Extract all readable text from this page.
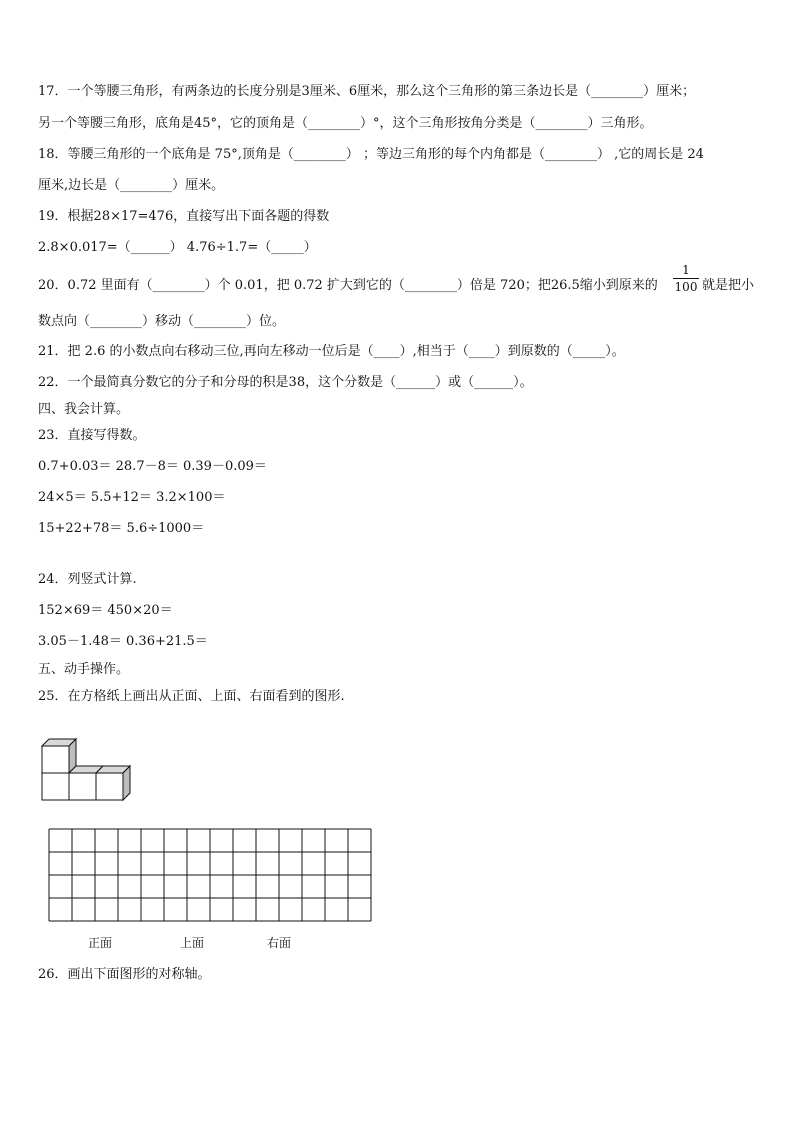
17．一个等腰三角形，有两条边的长度分别是3厘米、6厘米，那么这个三角形的第三条边长是（________）厘米；
另一个等腰三角形，底角是45°，它的顶角是（________）°，这个三角形按角分类是（________）三角形。
18．等腰三角形的一个底角是 75°,顶角是（________） ；等边三角形的每个内角都是（________） ,它的周长是 24
厘米,边长是（________）厘米。
19．根据28×17=476，直接写出下面各题的得数
2.8×0.017=（______） 4.76÷1.7=（_____）
20．0.72 里面有（________）个 0.01，把 0.72 扩大到它的（________）倍是 720；把26.5缩小到原来的
1
100 就是把小
数点向（________）移动（________）位。
21．把 2.6 的小数点向右移动三位,再向左移动一位后是（____）,相当于（____）到原数的（_____）。
22．一个最简真分数它的分子和分母的积是38，这个分数是（______）或（______）。
四、我会计算。
23．直接写得数。
0.7+0.03＝ 28.7－8＝ 0.39－0.09＝
24×5＝ 5.5+12＝ 3.2×100＝
15+22+78＝ 5.6÷1000＝
24．列竖式计算.
152×69＝ 450×20＝
3.05－1.48＝ 0.36+21.5＝
五、动手操作。
25．在方格纸上画出从正面、上面、右面看到的图形.
正面	上面	右面
26．画出下面图形的对称轴。
